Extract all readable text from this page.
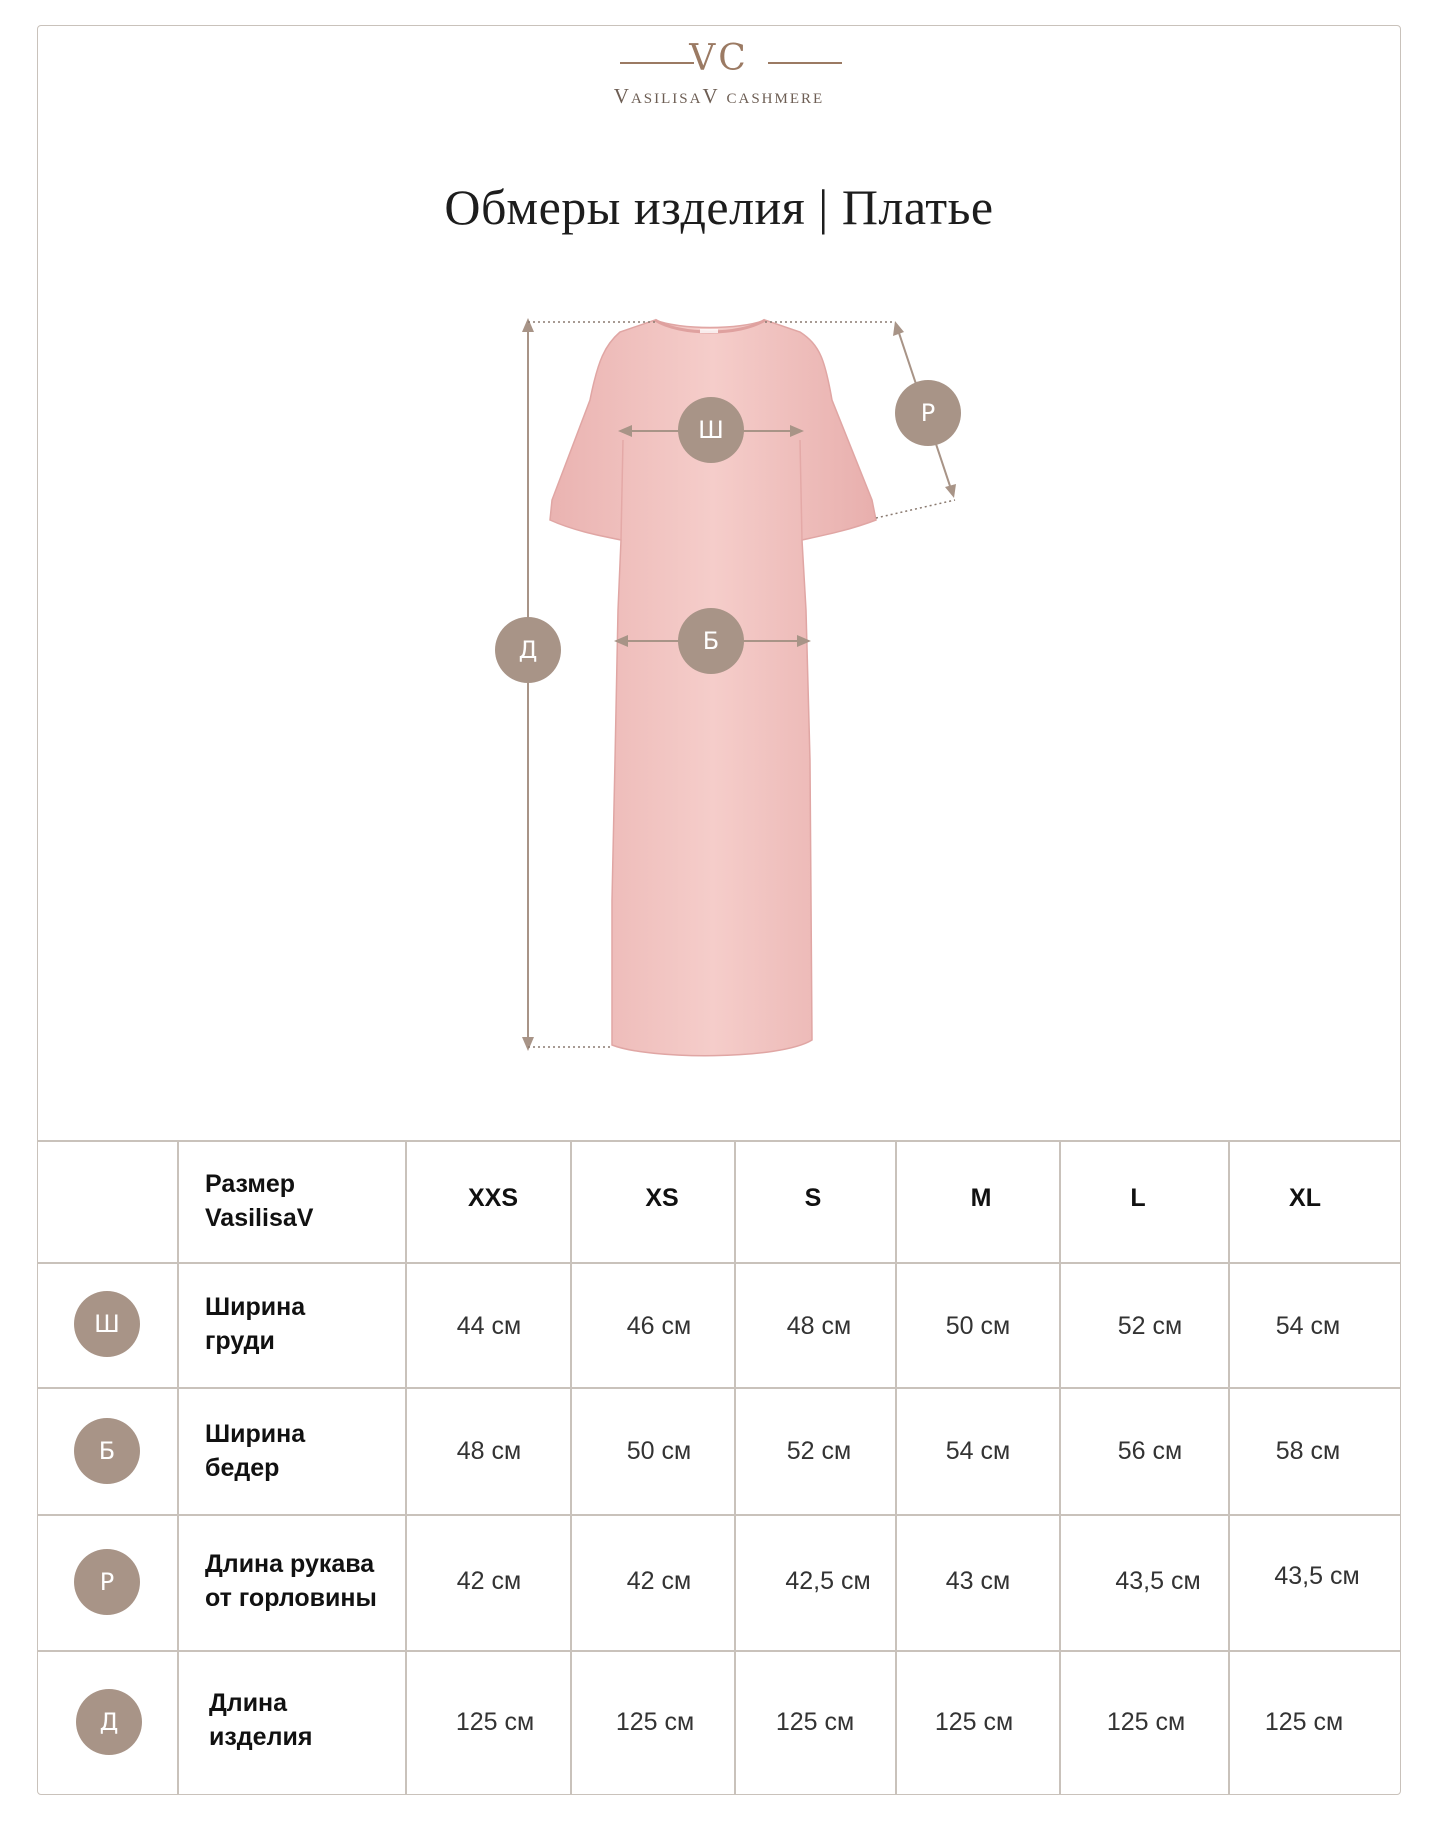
VC
VasilisaV cashmere
Обмеры изделия | Платье
Ш
Р
Б
Д
Размер
VasilisaV
XXS	XS	S	M	L	XL
Ш
Ширина
груди
44 см	46 см	48 см	50 см	52 см	54 см
Б
Ширина
бедер
48 см	50 см	52 см	54 см	56 см	58 см
Р
Длина рукава
от горловины
42 см	42 см	42,5 см	43 см	43,5 см	43,5 см
Д
Длина
изделия
125 см	125 см	125 см	125 см	125 см	125 см
